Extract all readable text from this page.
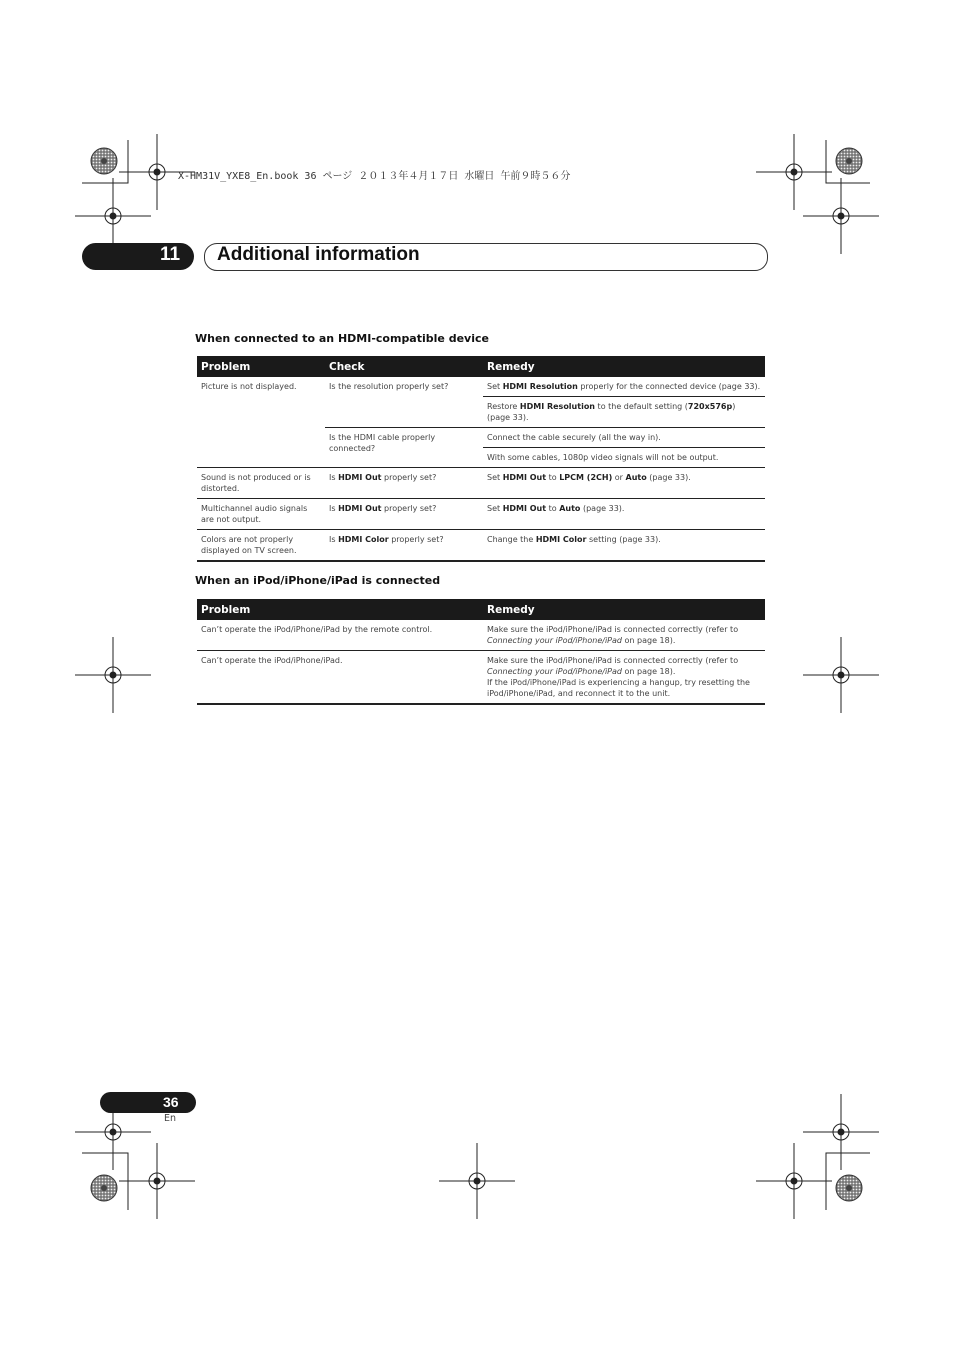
X-HM31V_YXE8_En.book 36 ページ ２０１３年４月１７日 水曜日 午前９時５６分
11 Additional information
When connected to an HDMI-compatible device
Problem	Check	Remedy
Picture is not displayed.	Is the resolution properly set?	Set HDMI Resolution properly for the connected device (page 33).
		Restore HDMI Resolution to the default setting (720x576p)
(page 33).
	Is the HDMI cable properly connected?	Connect the cable securely (all the way in).
		With some cables, 1080p video signals will not be output.
Sound is not produced or is distorted.	Is HDMI Out properly set?	Set HDMI Out to LPCM (2CH) or Auto (page 33).
Multichannel audio signals are not output.	Is HDMI Out properly set?	Set HDMI Out to Auto (page 33).
Colors are not properly displayed on TV screen.	Is HDMI Color properly set?	Change the HDMI Color setting (page 33).
When an iPod/iPhone/iPad is connected
Problem	Remedy
Can’t operate the iPod/iPhone/iPad by the remote control.	Make sure the iPod/iPhone/iPad is connected correctly (refer to
Connecting your iPod/iPhone/iPad on page 18).
Can’t operate the iPod/iPhone/iPad.	Make sure the iPod/iPhone/iPad is connected correctly (refer to
Connecting your iPod/iPhone/iPad on page 18).
If the iPod/iPhone/iPad is experiencing a hangup, try resetting the iPod/iPhone/iPad, and reconnect it to the unit.
36
En
